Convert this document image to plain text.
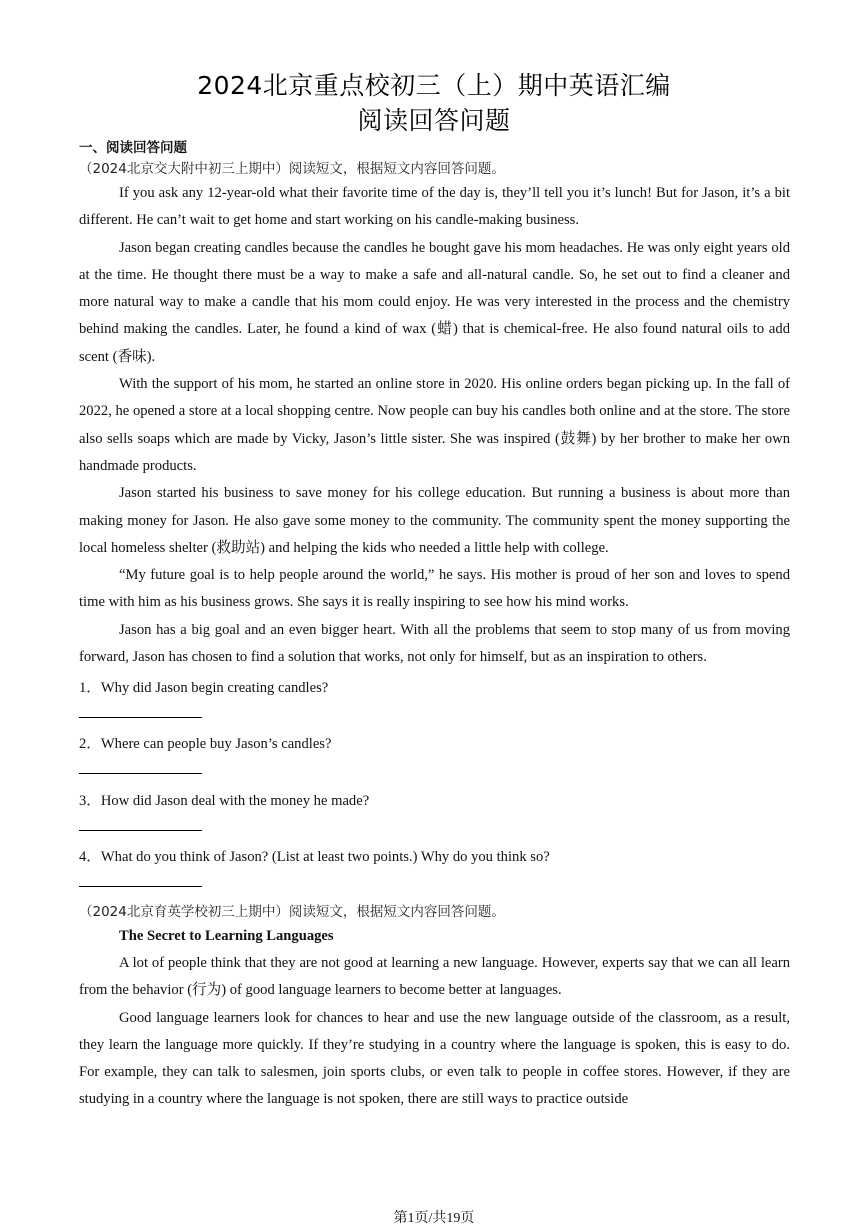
2024北京重点校初三（上）期中英语汇编
阅读回答问题
一、阅读回答问题
（2024北京交大附中初三上期中）阅读短文，根据短文内容回答问题。

If you ask any 12-year-old what their favorite time of the day is, they’ll tell you it’s lunch! But for Jason, it’s a bit different. He can’t wait to get home and start working on his candle-making business.

Jason began creating candles because the candles he bought gave his mom headaches. He was only eight years old at the time. He thought there must be a way to make a safe and all-natural candle. So, he set out to find a cleaner and more natural way to make a candle that his mom could enjoy. He was very interested in the process and the chemistry behind making the candles. Later, he found a kind of wax (蜡) that is chemical-free. He also found natural oils to add scent (香味).

With the support of his mom, he started an online store in 2020. His online orders began picking up. In the fall of 2022, he opened a store at a local shopping centre. Now people can buy his candles both online and at the store. The store also sells soaps which are made by Vicky, Jason’s little sister. She was inspired (鼓舞) by her brother to make her own handmade products.

Jason started his business to save money for his college education. But running a business is about more than making money for Jason. He also gave some money to the community. The community spent the money supporting the local homeless shelter (救助站) and helping the kids who needed a little help with college.

“My future goal is to help people around the world,” he says. His mother is proud of her son and loves to spend time with him as his business grows. She says it is really inspiring to see how his mind works.

Jason has a big goal and an even bigger heart. With all the problems that seem to stop many of us from moving forward, Jason has chosen to find a solution that works, not only for himself, but as an inspiration to others.

1．Why did Jason begin creating candles?
2．Where can people buy Jason’s candles?
3．How did Jason deal with the money he made?
4．What do you think of Jason? (List at least two points.) Why do you think so?
（2024北京育英学校初三上期中）阅读短文，根据短文内容回答问题。
The Secret to Learning Languages

A lot of people think that they are not good at learning a new language. However, experts say that we can all learn from the behavior (行为) of good language learners to become better at languages.

Good language learners look for chances to hear and use the new language outside of the classroom, as a result, they learn the language more quickly. If they’re studying in a country where the language is spoken, this is easy to do. For example, they can talk to salesmen, join sports clubs, or even talk to people in coffee stores. However, if they are studying in a country where the language is not spoken, there are still ways to practice outside

第1页/共19页
